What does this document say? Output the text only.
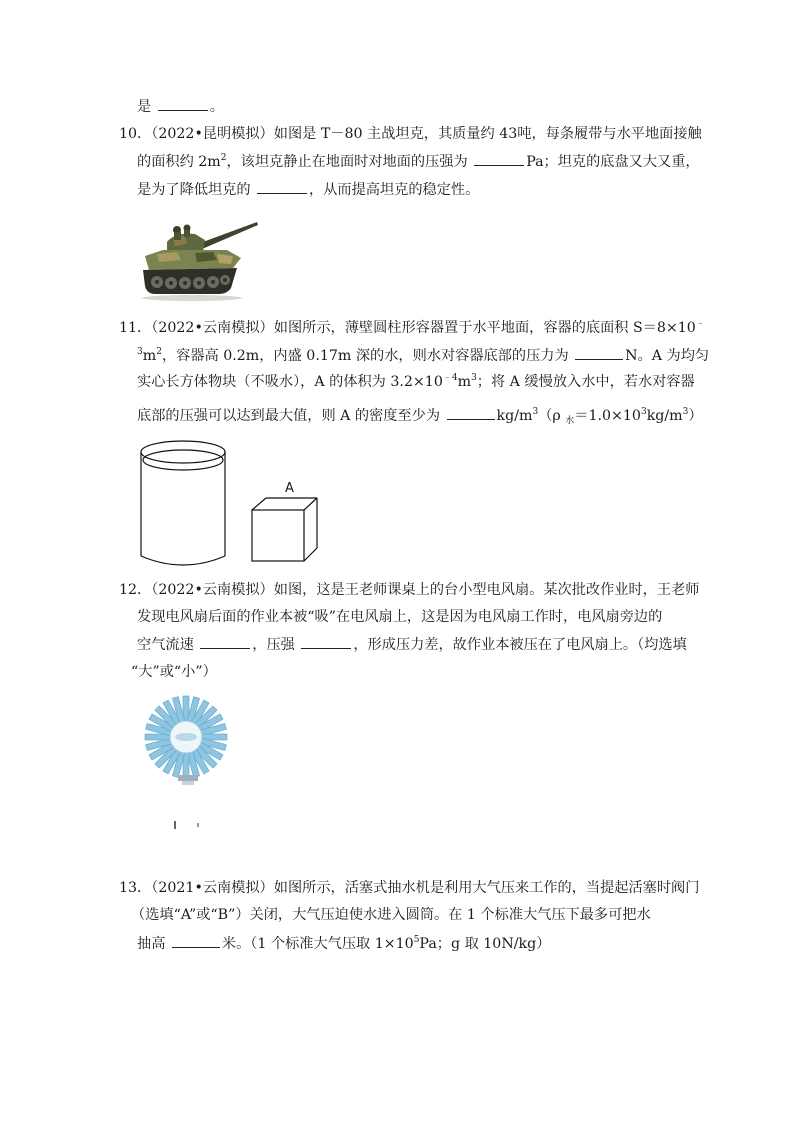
是	。
10．（2022•昆明模拟）如图是 T－80 主战坦克，其质量约 43吨，每条履带与水平地面接触
的面积约 $2m^2$，该坦克静止在地面时对地面的压强为	Pa；坦克的底盘又大又重，
是为了降低坦克的	，从而提高坦克的稳定性。
11．（2022•云南模拟）如图所示，薄壁圆柱形容器置于水平地面，容器的底面积 S＝8×10﹣
$^3m^2$，容器高 0.2m，内盛 0.17m 深的水，则水对容器底部的压力为	N。A 为均匀
实心长方体物块（不吸水），A 的体积为 $3.2\times 10^{﹣4}m^3$；将 A 缓慢放入水中，若水对容器
底部的压强可以达到最大值，则 A 的密度至少为	$kg/m^3(\rho$ $_水=1.0\times 10^3kg/m^3$）
A
12．（2022•云南模拟）如图，这是王老师课桌上的台小型电风扇。某次批改作业时，王老师
发现电风扇后面的作业本被“吸”在电风扇上，这是因为电风扇工作时，电风扇旁边的
空气流速	，压强	，形成压力差，故作业本被压在了电风扇上。（均选填
“大”或“小”）
13．（2021•云南模拟）如图所示，活塞式抽水机是利用大气压来工作的，当提起活塞时阀门
（选填“A”或“B”）关闭，大气压迫使水进入圆筒。在 1 个标准大气压下最多可把水
抽高	米。（1 个标准大气压取 $1\times 10^5Pa$；g 取 10N/kg）
